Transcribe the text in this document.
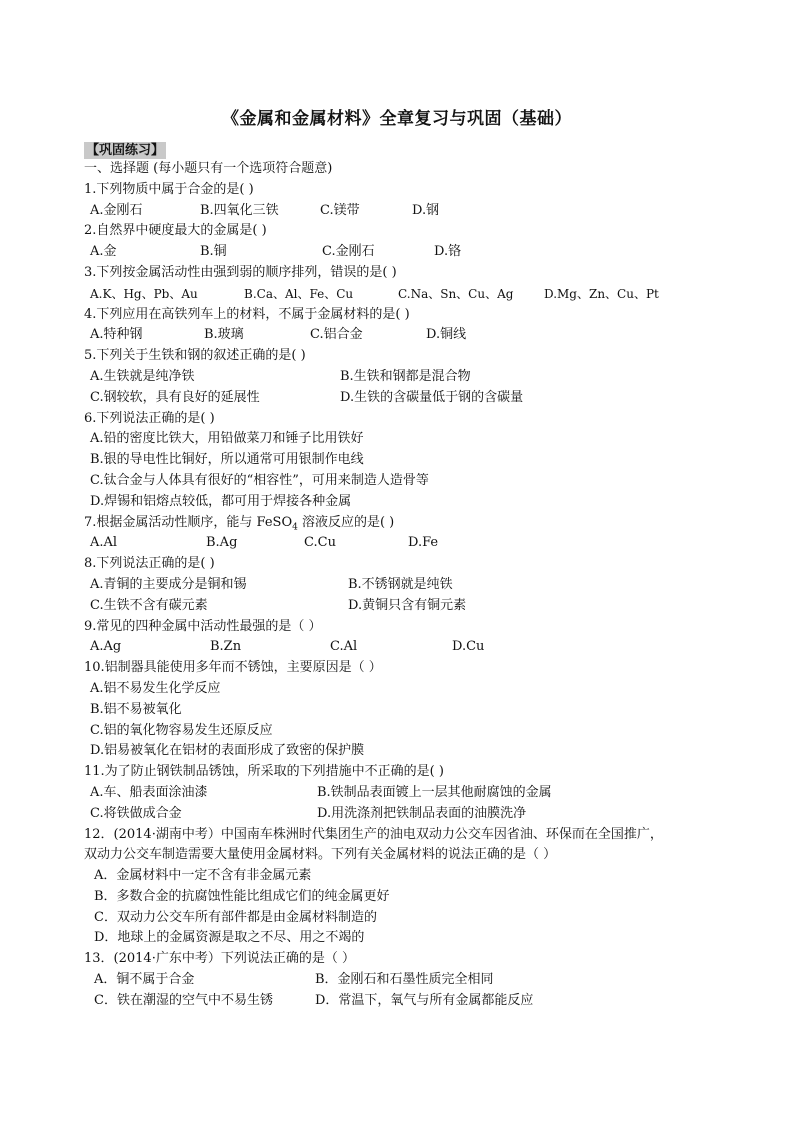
《金属和金属材料》全章复习与巩固（基础）
【巩固练习】
一、选择题 (每小题只有一个选项符合题意)
1.下列物质中属于合金的是( )
A.金刚石	B.四氧化三铁	C.镁带	D.钢
2.自然界中硬度最大的金属是( )
A.金	B.铜	C.金刚石	D.铬
3.下列按金属活动性由强到弱的顺序排列，错误的是( )
A.K、Hg、Pb、Au	B.Ca、Al、Fe、Cu	C.Na、Sn、Cu、Ag	D.Mg、Zn、Cu、Pt
4.下列应用在高铁列车上的材料，不属于金属材料的是( )
A.特种钢	B.玻璃	C.铝合金	D.铜线
5.下列关于生铁和钢的叙述正确的是( )
A.生铁就是纯净铁	B.生铁和钢都是混合物
C.钢较软，具有良好的延展性	D.生铁的含碳量低于钢的含碳量
6.下列说法正确的是( )
A.铅的密度比铁大，用铅做菜刀和锤子比用铁好
B.银的导电性比铜好，所以通常可用银制作电线
C.钛合金与人体具有很好的“相容性”，可用来制造人造骨等
D.焊锡和铝熔点较低，都可用于焊接各种金属
7.根据金属活动性顺序，能与 FeSO$_4$ 溶液反应的是( )
A.Al	B.Ag	C.Cu	D.Fe
8.下列说法正确的是( )
A.青铜的主要成分是铜和锡	B.不锈钢就是纯铁
C.生铁不含有碳元素	D.黄铜只含有铜元素
9.常见的四种金属中活动性最强的是（ ）
A.Ag	B.Zn	C.Al	D.Cu
10.铝制器具能使用多年而不锈蚀，主要原因是（ ）
A.铝不易发生化学反应
B.铝不易被氧化
C.铝的氧化物容易发生还原反应
D.铝易被氧化在铝材的表面形成了致密的保护膜
11.为了防止钢铁制品锈蚀，所采取的下列措施中不正确的是( )
A.车、船表面涂油漆	B.铁制品表面镀上一层其他耐腐蚀的金属
C.将铁做成合金	D.用洗涤剂把铁制品表面的油膜洗净
12．(2014·湖南中考）中国南车株洲时代集团生产的油电双动力公交车因省油、环保而在全国推广，
双动力公交车制造需要大量使用金属材料。下列有关金属材料的说法正确的是（ ）
A．金属材料中一定不含有非金属元素
B．多数合金的抗腐蚀性能比组成它们的纯金属更好
C．双动力公交车所有部件都是由金属材料制造的
D．地球上的金属资源是取之不尽、用之不竭的
13．(2014·广东中考）下列说法正确的是（ ）
A．铜不属于合金	B．金刚石和石墨性质完全相同
C．铁在潮湿的空气中不易生锈	D．常温下，氧气与所有金属都能反应
